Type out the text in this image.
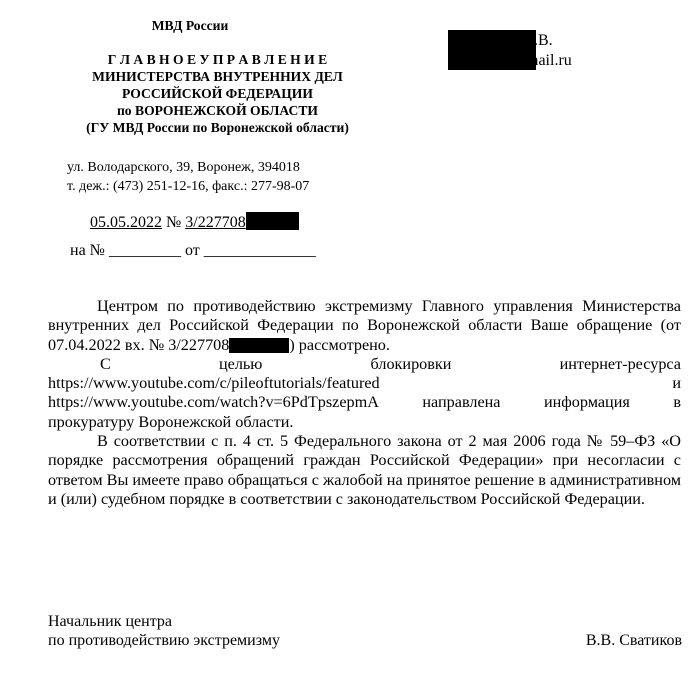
МВД России
Г Л А В Н О Е У П Р А В Л Е Н И Е
МИНИСТЕРСТВА ВНУТРЕННИХ ДЕЛ
РОССИЙСКОЙ ФЕДЕРАЦИИ
по ВОРОНЕЖСКОЙ ОБЛАСТИ
(ГУ МВД России по Воронежской области)
ул. Володарского, 39, Воронеж, 394018
т. деж.: (473) 251-12-16, факс.: 277-98-07
05.05.2022 № 3/227708
на № _________ от ______________
.В.
mail.ru
Центром по противодействию экстремизму Главного управления Министерства внутренних дел Российской Федерации по Воронежской области Ваше обращение (от 07.04.2022 вх. № 3/227708	) рассмотрено.
С	целью	блокировки	интернет-ресурса
https://www.youtube.com/c/pileoftutorials/featured	и
https://www.youtube.com/watch?v=6PdTpszepmA	направлена	информация	в
прокуратуру Воронежской области.
В соответствии с п. 4 ст. 5 Федерального закона от 2 мая 2006 года № 59–ФЗ «О порядке рассмотрения обращений граждан Российской Федерации» при несогласии с ответом Вы имеете право обращаться с жалобой на принятое решение в административном и (или) судебном порядке в соответствии с законодательством Российской Федерации.
Начальник центра
по противодействию экстремизму	В.В. Сватиков
